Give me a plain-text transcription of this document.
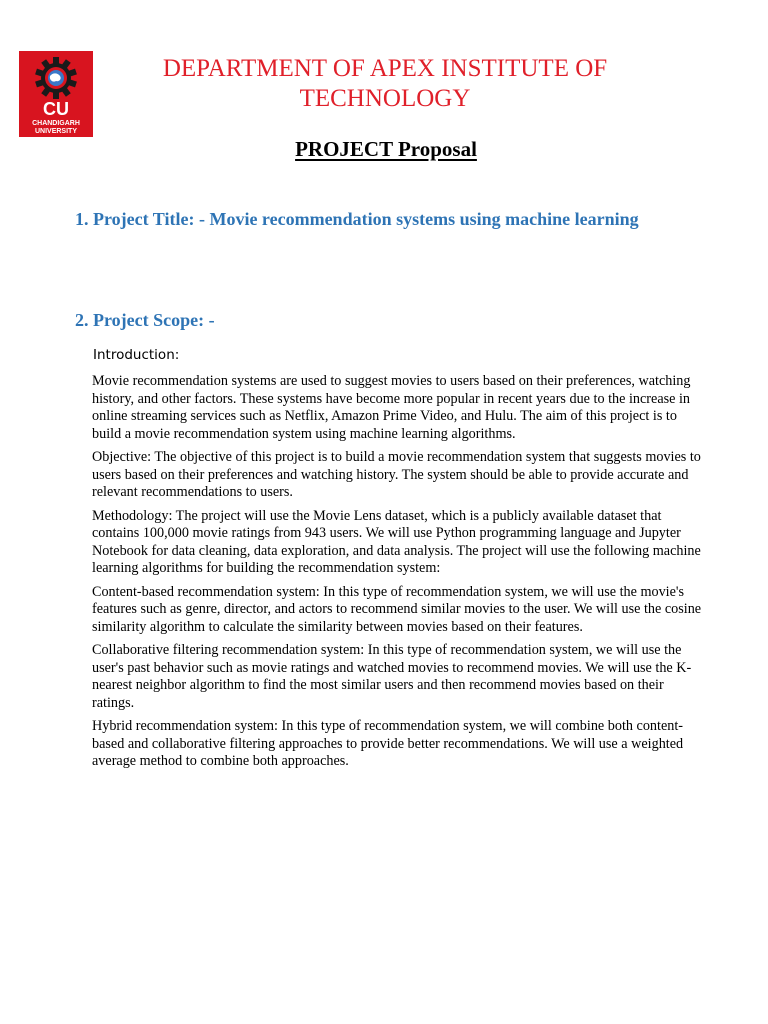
CU
CHANDIGARH
UNIVERSITY
DEPARTMENT OF APEX INSTITUTE OF
TECHNOLOGY
PROJECT Proposal
1. Project Title: - Movie recommendation systems using machine learning
2. Project Scope: -
Introduction:

Movie recommendation systems are used to suggest movies to users based on their preferences, watching history, and other factors. These systems have become more popular in recent years due to the increase in online streaming services such as Netflix, Amazon Prime Video, and Hulu. The aim of this project is to build a movie recommendation system using machine learning algorithms.

Objective: The objective of this project is to build a movie recommendation system that suggests movies to users based on their preferences and watching history. The system should be able to provide accurate and relevant recommendations to users.

Methodology: The project will use the Movie Lens dataset, which is a publicly available dataset that contains 100,000 movie ratings from 943 users. We will use Python programming language and Jupyter Notebook for data cleaning, data exploration, and data analysis. The project will use the following machine learning algorithms for building the recommendation system:

Content-based recommendation system: In this type of recommendation system, we will use the movie's features such as genre, director, and actors to recommend similar movies to the user. We will use the cosine similarity algorithm to calculate the similarity between movies based on their features.

Collaborative filtering recommendation system: In this type of recommendation system, we will use the user's past behavior such as movie ratings and watched movies to recommend movies. We will use the K-nearest neighbor algorithm to find the most similar users and then recommend movies based on their ratings.

Hybrid recommendation system: In this type of recommendation system, we will combine both content-based and collaborative filtering approaches to provide better recommendations. We will use a weighted average method to combine both approaches.
